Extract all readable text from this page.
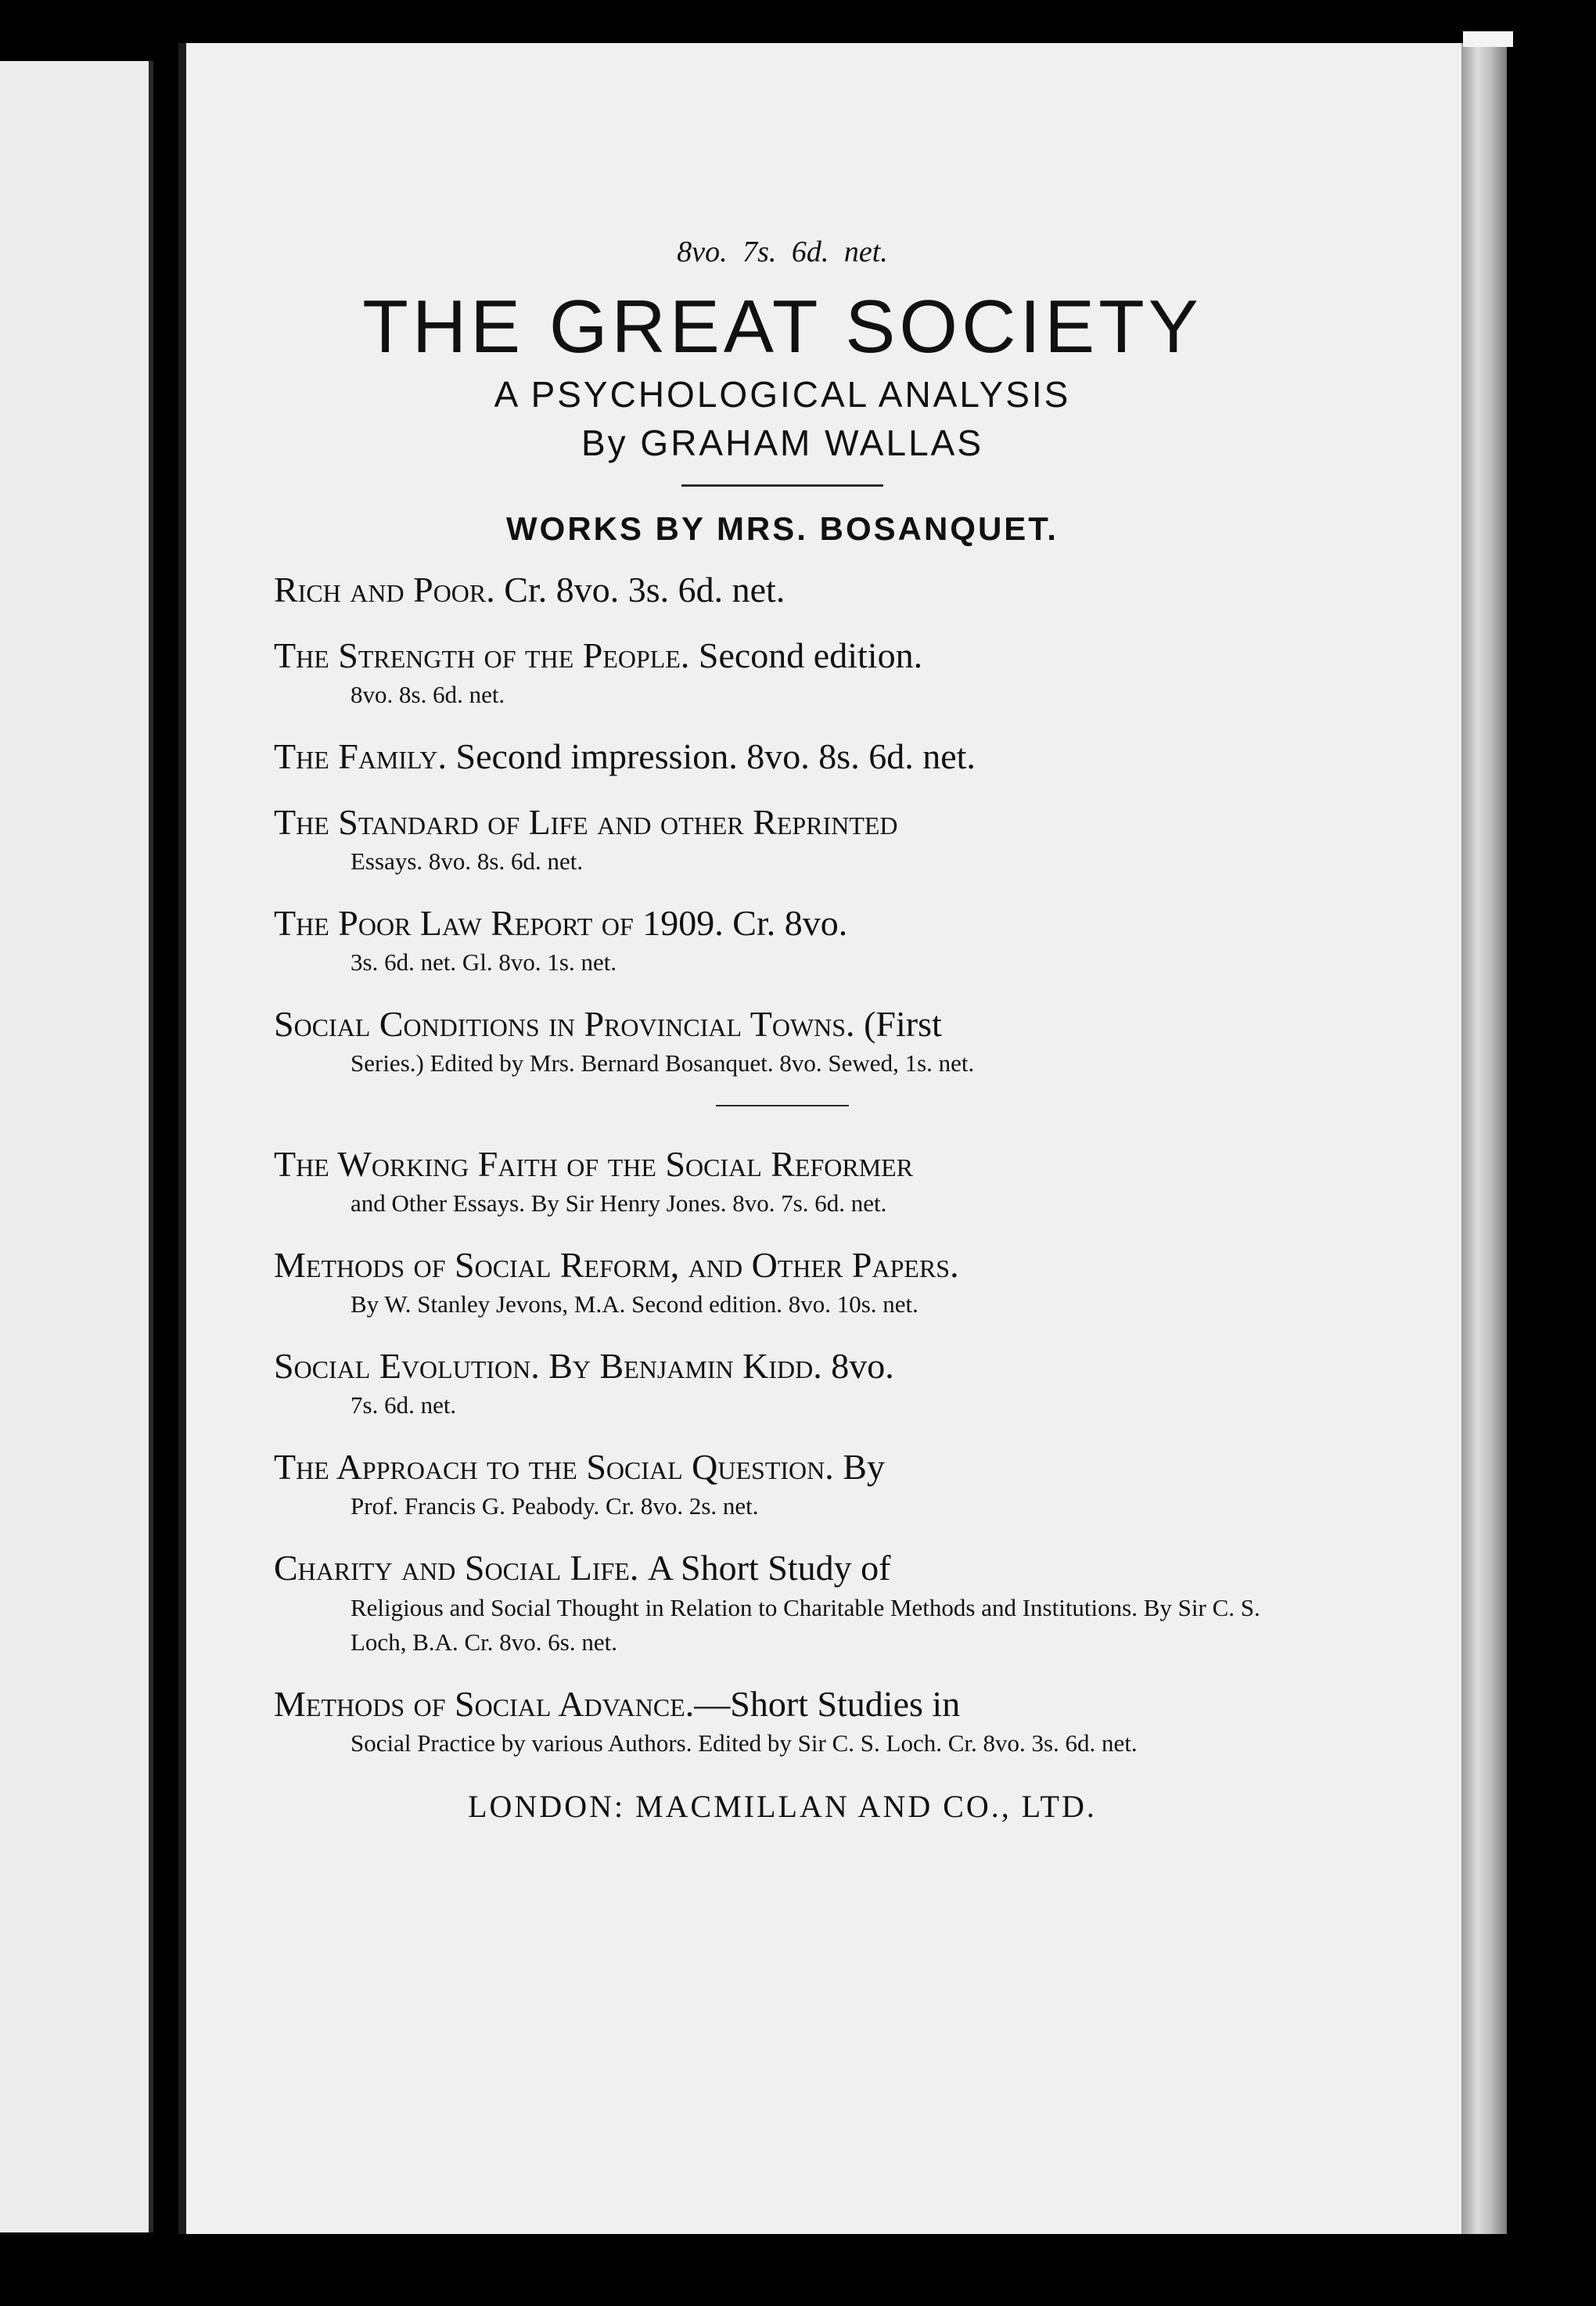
8vo. 7s. 6d. net.
THE GREAT SOCIETY
A PSYCHOLOGICAL ANALYSIS
By GRAHAM WALLAS
WORKS BY MRS. BOSANQUET.
Rich and Poor. Cr. 8vo. 3s. 6d. net.
The Strength of the People. Second edition.
8vo. 8s. 6d. net.
The Family. Second impression. 8vo. 8s. 6d. net.
The Standard of Life and other Reprinted
Essays. 8vo. 8s. 6d. net.
The Poor Law Report of 1909. Cr. 8vo.
3s. 6d. net. Gl. 8vo. 1s. net.
Social Conditions in Provincial Towns. (First
Series.) Edited by Mrs. Bernard Bosanquet. 8vo. Sewed, 1s. net.
The Working Faith of the Social Reformer
and Other Essays. By Sir Henry Jones. 8vo. 7s. 6d. net.
Methods of Social Reform, and Other Papers.
By W. Stanley Jevons, M.A. Second edition. 8vo. 10s. net.
Social Evolution. By Benjamin Kidd. 8vo.
7s. 6d. net.
The Approach to the Social Question. By
Prof. Francis G. Peabody. Cr. 8vo. 2s. net.
Charity and Social Life. A Short Study of
Religious and Social Thought in Relation to Charitable Methods and Institutions. By Sir C. S. Loch, B.A. Cr. 8vo. 6s. net.
Methods of Social Advance.—Short Studies in
Social Practice by various Authors. Edited by Sir C. S. Loch. Cr. 8vo. 3s. 6d. net.
LONDON: MACMILLAN AND CO., LTD.
